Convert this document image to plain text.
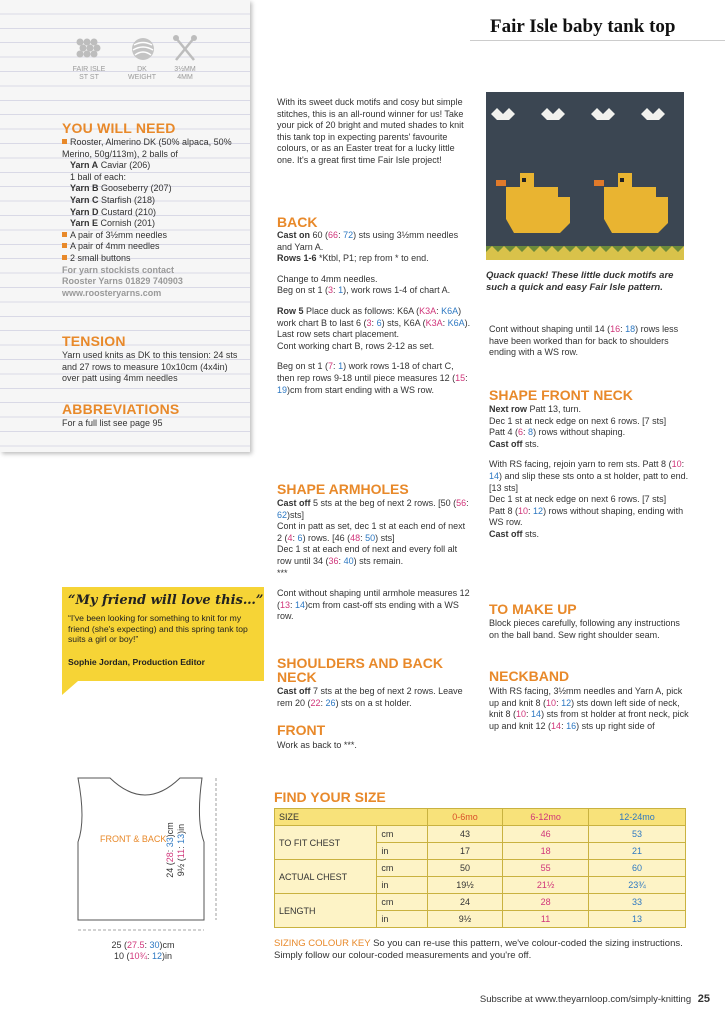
Fair Isle baby tank top
FAIR ISLE
ST ST
DK
WEIGHT
3½MM
4MM
YOU WILL NEED
Rooster, Almerino DK (50% alpaca, 50% Merino, 50g/113m), 2 balls of
Yarn A Caviar (206)
1 ball of each:
Yarn B Gooseberry (207)
Yarn C Starfish (218)
Yarn D Custard (210)
Yarn E Cornish (201)
A pair of 3½mm needles
A pair of 4mm needles
2 small buttons
For yarn stockists contact
Rooster Yarns 01829 740903
www.roosteryarns.com
TENSION
Yarn used knits as DK to this tension: 24 sts and 27 rows to measure 10x10cm (4x4in) over patt using 4mm needles
ABBREVIATIONS
For a full list see page 95
Quack quack! These little duck motifs are such a quick and easy Fair Isle pattern.
With its sweet duck motifs and cosy but simple stitches, this is an all-round winner for us! Take your pick of 20 bright and muted shades to knit this tank top in expecting parents' favourite colours, or as an Easter treat for a lucky little one. It's a great first time Fair Isle project!
BACK

Cast on 60 (66: 72) sts using 3½mm needles and Yarn A.
Rows 1-6 *Ktbl, P1; rep from * to end.

Change to 4mm needles.
Beg on st 1 (3: 1), work rows 1-4 of chart A.

Row 5 Place duck as follows: K6A (K3A: K6A) work chart B to last 6 (3: 6) sts, K6A (K3A: K6A).
Last row sets chart placement.
Cont working chart B, rows 2-12 as set.

Beg on st 1 (7: 1) work rows 1-18 of chart C, then rep rows 9-18 until piece measures 12 (15: 19)cm from start ending with a WS row.

SHAPE ARMHOLES

Cast off 5 sts at the beg of next 2 rows. [50 (56: 62)sts]
Cont in patt as set, dec 1 st at each end of next 2 (4: 6) rows. [46 (48: 50) sts]
Dec 1 st at each end of next and every foll alt row until 34 (36: 40) sts remain.
***

Cont without shaping until armhole measures 12 (13: 14)cm from cast-off sts ending with a WS row.

SHOULDERS AND BACK NECK

Cast off 7 sts at the beg of next 2 rows. Leave rem 20 (22: 26) sts on a st holder.

FRONT
Work as back to ***.

Cont without shaping until 14 (16: 18) rows less have been worked than for back to shoulders ending with a WS row.

SHAPE FRONT NECK

Next row Patt 13, turn.
Dec 1 st at neck edge on next 6 rows. [7 sts]
Patt 4 (6: 8) rows without shaping.
Cast off sts.

With RS facing, rejoin yarn to rem sts. Patt 8 (10: 14) and slip these sts onto a st holder, patt to end. [13 sts]
Dec 1 st at neck edge on next 6 rows. [7 sts]
Patt 8 (10: 12) rows without shaping, ending with WS row.
Cast off sts.

TO MAKE UP
Block pieces carefully, following any instructions on the ball band. Sew right shoulder seam.
NECKBAND

With RS facing, 3½mm needles and Yarn A, pick up and knit 8 (10: 12) sts down left side of neck, knit 8 (10: 14) sts from st holder at front neck, pick up and knit 12 (14: 16) sts up right side of

“My friend will love this…”
“I've been looking for something to knit for my friend (she's expecting) and this spring tank top suits a girl or boy!”
Sophie Jordan, Production Editor
FRONT & BACK
25 (27.5: 30)cm
10 (10¾: 12)in
24 (28: 33)cm
9½ (11: 13)in
FIND YOUR SIZE
SIZE		0-6mo	6-12mo	12-24mo
TO FIT CHEST	cm	43	46	53
	in	17	18	21
ACTUAL CHEST	cm	50	55	60
	in	19½	21½	23¾
LENGTH	cm	24	28	33
	in	9½	11	13
SIZING COLOUR KEY So you can re-use this pattern, we've colour-coded the sizing instructions. Simply follow our colour-coded measurements and you're off.
Subscribe at www.theyarnloop.com/simply-knitting 25
